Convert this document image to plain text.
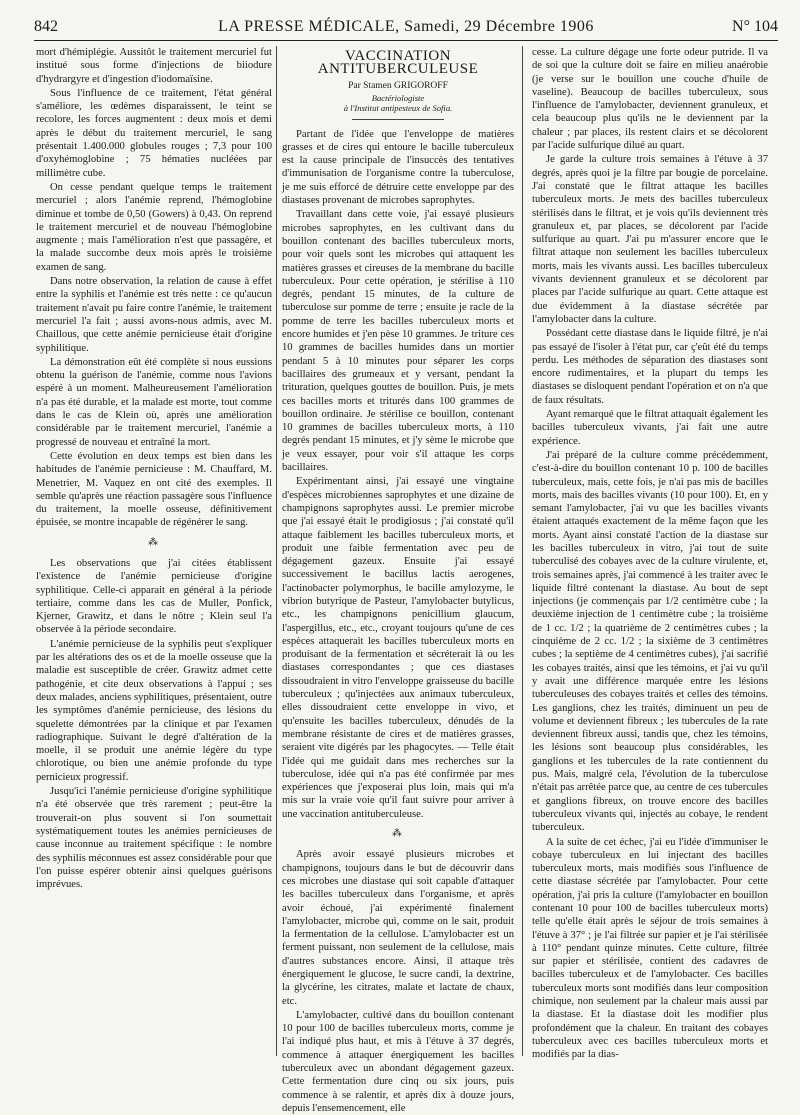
842	LA PRESSE MÉDICALE, Samedi, 29 Décembre 1906	N° 104

mort d'hémiplégie. Aussitôt le traitement mercuriel fut institué sous forme d'injections de biiodure d'hydrargyre et d'ingestion d'iodomaïsine.

Sous l'influence de ce traitement, l'état général s'améliore, les œdèmes disparaissent, le teint se recolore, les forces augmentent : deux mois et demi après le début du traitement mercuriel, le sang présentait 1.400.000 globules rouges ; 7,3 pour 100 d'oxyhémoglobine ; 75 hématies nucléées par millimètre cube.

On cesse pendant quelque temps le traitement mercuriel ; alors l'anémie reprend, l'hémoglobine diminue et tombe de 0,50 (Gowers) à 0,43. On reprend le traitement mercuriel et de nouveau l'hémoglobine augmente ; mais l'amélioration n'est que passagère, et la malade succombe deux mois après le troisième examen de sang.

Dans notre observation, la relation de cause à effet entre la syphilis et l'anémie est très nette : ce qu'aucun traitement n'avait pu faire contre l'anémie, le traitement mercuriel l'a fait ; aussi avons-nous admis, avec M. Chaillous, que cette anémie pernicieuse était d'origine syphilitique.

La démonstration eût été complète si nous eussions obtenu la guérison de l'anémie, comme nous l'avions espéré à un moment. Malheureusement l'amélioration n'a pas été durable, et la malade est morte, tout comme dans le cas de Klein où, après une amélioration considérable par le traitement mercuriel, l'anémie a progressé de nouveau et entraîné la mort.

Cette évolution en deux temps est bien dans les habitudes de l'anémie pernicieuse : M. Chauffard, M. Menetrier, M. Vaquez en ont cité des exemples. Il semble qu'après une réaction passagère sous l'influence du traitement, la moelle osseuse, définitivement épuisée, se montre incapable de régénérer le sang.

⁂

Les observations que j'ai citées établissent l'existence de l'anémie pernicieuse d'origine syphilitique. Celle-ci apparait en général à la période tertiaire, comme dans les cas de Muller, Ponfick, Kjerner, Grawitz, et dans le nôtre ; Klein seul l'a observée à la période secondaire.

L'anémie pernicieuse de la syphilis peut s'expliquer par les altérations des os et de la moelle osseuse que la maladie est susceptible de créer. Grawitz admet cette pathogénie, et cite deux observations à l'appui ; ses deux malades, anciens syphilitiques, présentaient, outre les symptômes d'anémie pernicieuse, des lésions du squelette démontrées par la clinique et par l'examen radiographique. Suivant le degré d'altération de la moelle, il se produit une anémie légère du type chlorotique, ou bien une anémie profonde du type pernicieux progressif.

Jusqu'ici l'anémie pernicieuse d'origine syphilitique n'a été observée que très rarement ; peut-être la trouverait-on plus souvent si l'on soumettait systématiquement toutes les anémies pernicieuses de cause inconnue au traitement spécifique : le nombre des syphilis méconnues est assez considérable pour que l'on puisse espérer obtenir ainsi quelques guérisons imprévues.

VACCINATION ANTITUBERCULEUSE
Par Stamen GRIGOROFF
Bactériologiste
à l'Institut antipesteux de Sofia.

Partant de l'idée que l'enveloppe de matières grasses et de cires qui entoure le bacille tuberculeux est la cause principale de l'insuccès des tentatives d'immunisation de l'organisme contre la tuberculose, je me suis efforcé de détruire cette enveloppe par des diastases provenant de microbes saprophytes.

Travaillant dans cette voie, j'ai essayé plusieurs microbes saprophytes, en les cultivant dans du bouillon contenant des bacilles tuberculeux morts, pour voir quels sont les microbes qui attaquent les matières grasses et cireuses de la membrane du bacille tuberculeux. Pour cette opération, je stérilise à 110 degrés, pendant 15 minutes, de la culture de tuberculose sur pomme de terre ; ensuite je racle de la pomme de terre les bacilles tuberculeux morts et encore humides et j'en pèse 10 grammes. Je triture ces 10 grammes de bacilles humides dans un mortier pendant 5 à 10 minutes pour séparer les corps bacillaires des grumeaux et y versant, pendant la trituration, quelques gouttes de bouillon. Puis, je mets ces bacilles morts et triturés dans 100 grammes de bouillon ordinaire. Je stérilise ce bouillon, contenant 10 grammes de bacilles tuberculeux morts, à 110 degrés pendant 15 minutes, et j'y sème le microbe que je veux essayer, pour voir s'il attaque les corps bacillaires.

Expérimentant ainsi, j'ai essayé une vingtaine d'espèces microbiennes saprophytes et une dizaine de champignons saprophytes aussi. Le premier microbe que j'ai essayé était le prodigiosus ; j'ai constaté qu'il attaque faiblement les bacilles tuberculeux morts, et produit une faible fermentation avec peu de dégagement gazeux. Ensuite j'ai essayé successivement le bacillus lactis aerogenes, l'actinobacter polymorphus, le bacille amylozyme, le vibrion butyrique de Pasteur, l'amylobacter butylicus, etc., les champignons penicillium glaucum, l'aspergillus, etc., etc., croyant toujours qu'une de ces espèces attaquerait les bacilles tuberculeux morts en produisant de la fermentation et sécréterait là ou les diastases correspondantes ; que ces diastases dissoudraient in vitro l'enveloppe graisseuse du bacille tuberculeux ; qu'injectées aux animaux tuberculeux, elles dissoudraient cette enveloppe in vivo, et qu'ensuite les bacilles tuberculeux, dénudés de la membrane résistante de cires et de matières grasses, seraient vite digérés par les phagocytes. — Telle était l'idée qui me guidait dans mes recherches sur la tuberculose, idée qui n'a pas été confirmée par mes expériences que j'exposerai plus loin, mais qui m'a mis sur la vraie voie qu'il faut suivre pour arriver à une vaccination antituberculeuse.

⁂

Après avoir essayé plusieurs microbes et champignons, toujours dans le but de découvrir dans ces microbes une diastase qui soit capable d'attaquer les bacilles tuberculeux dans l'organisme, et après avoir échoué, j'ai expérimenté finalement l'amylobacter, microbe qui, comme on le sait, produit la fermentation de la cellulose. L'amylobacter est un ferment puissant, non seulement de la cellulose, mais d'autres substances encore. Ainsi, il attaque très énergiquement le glucose, le sucre candi, la dextrine, la glycérine, les citrates, malate et lactate de chaux, etc.

L'amylobacter, cultivé dans du bouillon contenant 10 pour 100 de bacilles tuberculeux morts, comme je l'ai indiqué plus haut, et mis à l'étuve à 37 degrés, commence à attaquer énergiquement les bacilles tuberculeux avec un abondant dégagement gazeux. Cette fermentation dure cinq ou six jours, puis commence à se ralentir, et après dix à douze jours, depuis l'ensemencement, elle

cesse. La culture dégage une forte odeur putride. Il va de soi que la culture doit se faire en milieu anaérobie (je verse sur le bouillon une couche d'huile de vaseline). Beaucoup de bacilles tuberculeux, sous l'influence de l'amylobacter, deviennent granuleux, et cela beaucoup plus qu'ils ne le deviennent par la chaleur ; par places, ils restent clairs et se décolorent par l'acide sulfurique dilué au quart.

Je garde la culture trois semaines à l'étuve à 37 degrés, après quoi je la filtre par bougie de porcelaine. J'ai constaté que le filtrat attaque les bacilles tuberculeux morts. Je mets des bacilles tuberculeux stérilisés dans le filtrat, et je vois qu'ils deviennent très granuleux et, par places, se décolorent par l'acide sulfurique au quart. J'ai pu m'assurer encore que le filtrat attaque non seulement les bacilles tuberculeux morts, mais les vivants aussi. Les bacilles tuberculeux vivants deviennent granuleux et se décolorent par places par l'acide sulfurique au quart. Cette attaque est due évidemment à la diastase sécrétée par l'amylobacter dans la culture.

Possédant cette diastase dans le liquide filtré, je n'ai pas essayé de l'isoler à l'état pur, car ç'eût été du temps perdu. Les méthodes de séparation des diastases sont encore rudimentaires, et la plupart du temps les diastases se disloquent pendant l'opération et on n'a que de faux résultats.

Ayant remarqué que le filtrat attaquait également les bacilles tuberculeux vivants, j'ai fait une autre expérience.

J'ai préparé de la culture comme précédemment, c'est-à-dire du bouillon contenant 10 p. 100 de bacilles tuberculeux, mais, cette fois, je n'ai pas mis de bacilles morts, mais des bacilles vivants (10 pour 100). Et, en y semant l'amylobacter, j'ai vu que les bacilles vivants étaient attaqués exactement de la même façon que les morts. Ayant ainsi constaté l'action de la diastase sur les bacilles tuberculeux in vitro, j'ai tout de suite tuberculisé des cobayes avec de la culture virulente, et, trois semaines après, j'ai commencé à les traiter avec le liquide filtré contenant la diastase. Au bout de sept injections (je commençais par 1/2 centimètre cube ; la deuxième injection de 1 centimètre cube ; la troisième de 1 cc. 1/2 ; la quatrième de 2 centimètres cubes ; la cinquième de 2 cc. 1/2 ; la sixième de 3 centimètres cubes ; la septième de 4 centimètres cubes), j'ai sacrifié les cobayes traités, ainsi que les témoins, et j'ai vu qu'il y avait une différence marquée entre les lésions tuberculeuses des cobayes traités et celles des témoins. Les ganglions, chez les traités, diminuent un peu de volume et deviennent fibreux ; les tubercules de la rate deviennent fibreux aussi, tandis que, chez les témoins, les lésions sont beaucoup plus considérables, les ganglions et les tubercules de la rate contiennent du pus. Mais, malgré cela, l'évolution de la tuberculose n'était pas arrêtée parce que, au centre de ces tubercules et ganglions fibreux, on trouve encore des bacilles tuberculeux vivants qui, injectés au cobaye, le rendent tuberculeux.

A la suite de cet échec, j'ai eu l'idée d'immuniser le cobaye tuberculeux en lui injectant des bacilles tuberculeux morts, mais modifiés sous l'influence de cette diastase sécrétée par l'amylobacter. Pour cette opération, j'ai pris la culture (l'amylobacter en bouillon contenant 10 pour 100 de bacilles tuberculeux morts) telle qu'elle était après le séjour de trois semaines à l'étuve à 37° ; je l'ai filtrée sur papier et je l'ai stérilisée à 110° pendant quinze minutes. Cette culture, filtrée sur papier et stérilisée, contient des cadavres de bacilles tuberculeux et de l'amylobacter. Ces bacilles tuberculeux morts sont modifiés dans leur composition chimique, non seulement par la chaleur mais aussi par la diastase. Et la diastase doit les modifier plus profondément que la chaleur. En traitant des cobayes tuberculeux avec ces bacilles tuberculeux morts et modifiés par la dias-
